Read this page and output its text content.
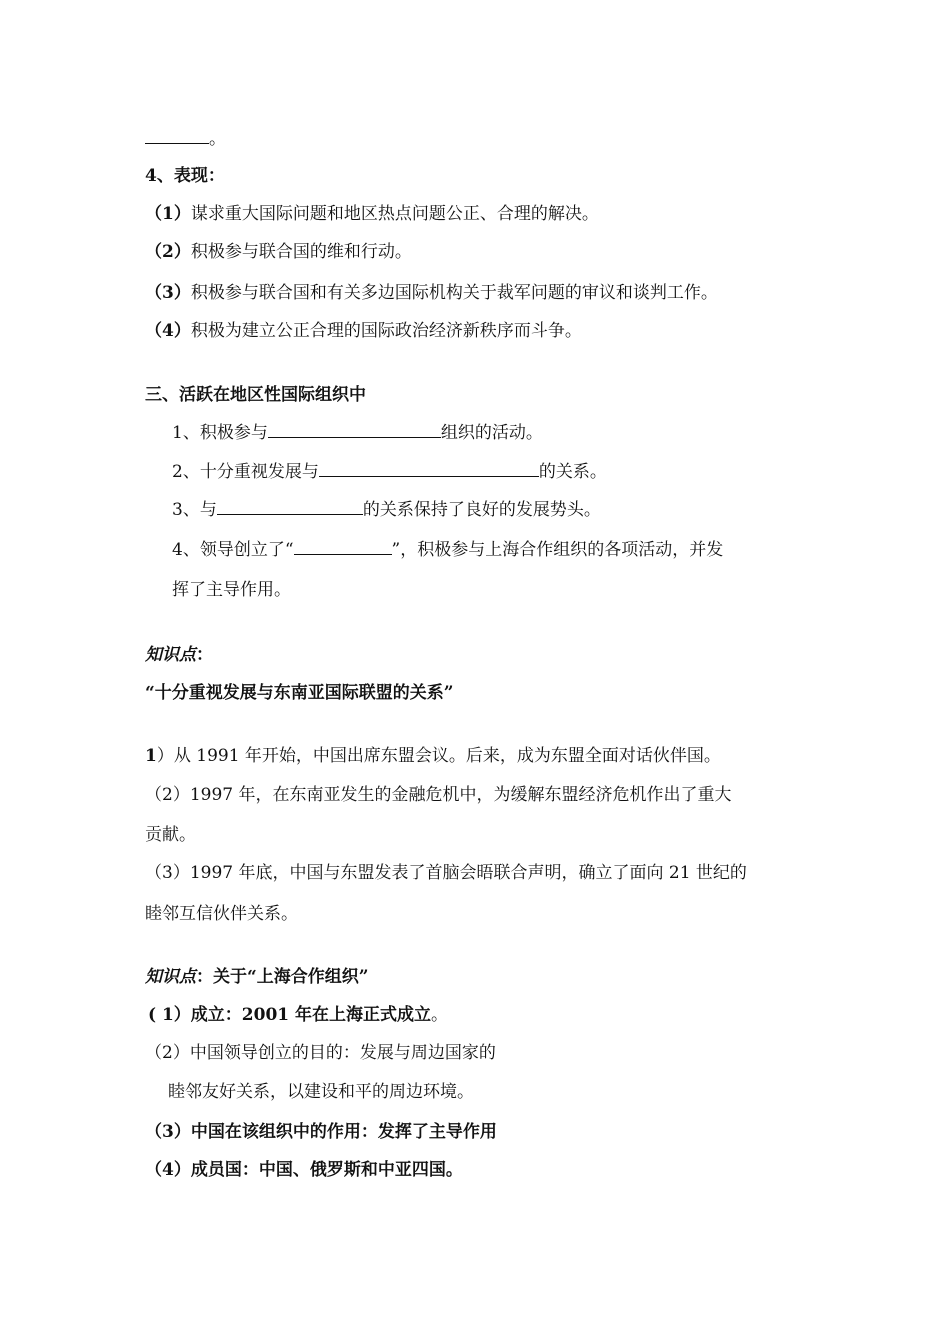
。
4、表现：
（1）谋求重大国际问题和地区热点问题公正、合理的解决。
（2）积极参与联合国的维和行动。
（3）积极参与联合国和有关多边国际机构关于裁军问题的审议和谈判工作。
（4）积极为建立公正合理的国际政治经济新秩序而斗争。
三、活跃在地区性国际组织中
1、积极参与	组织的活动。
2、十分重视发展与	的关系。
3、与	的关系保持了良好的发展势头。
4、领导创立了“	”，积极参与上海合作组织的各项活动，并发
挥了主导作用。
知识点：
“十分重视发展与东南亚国际联盟的关系”
1）从 1991 年开始，中国出席东盟会议。后来，成为东盟全面对话伙伴国。
（2）1997 年，在东南亚发生的金融危机中，为缓解东盟经济危机作出了重大
贡献。
（3）1997 年底，中国与东盟发表了首脑会晤联合声明，确立了面向 21 世纪的
睦邻互信伙伴关系。
知识点：关于“上海合作组织”
( 1）成立：2001 年在上海正式成立。
（2）中国领导创立的目的：发展与周边国家的
睦邻友好关系，以建设和平的周边环境。
（3）中国在该组织中的作用：发挥了主导作用
（4）成员国：中国、俄罗斯和中亚四国。
